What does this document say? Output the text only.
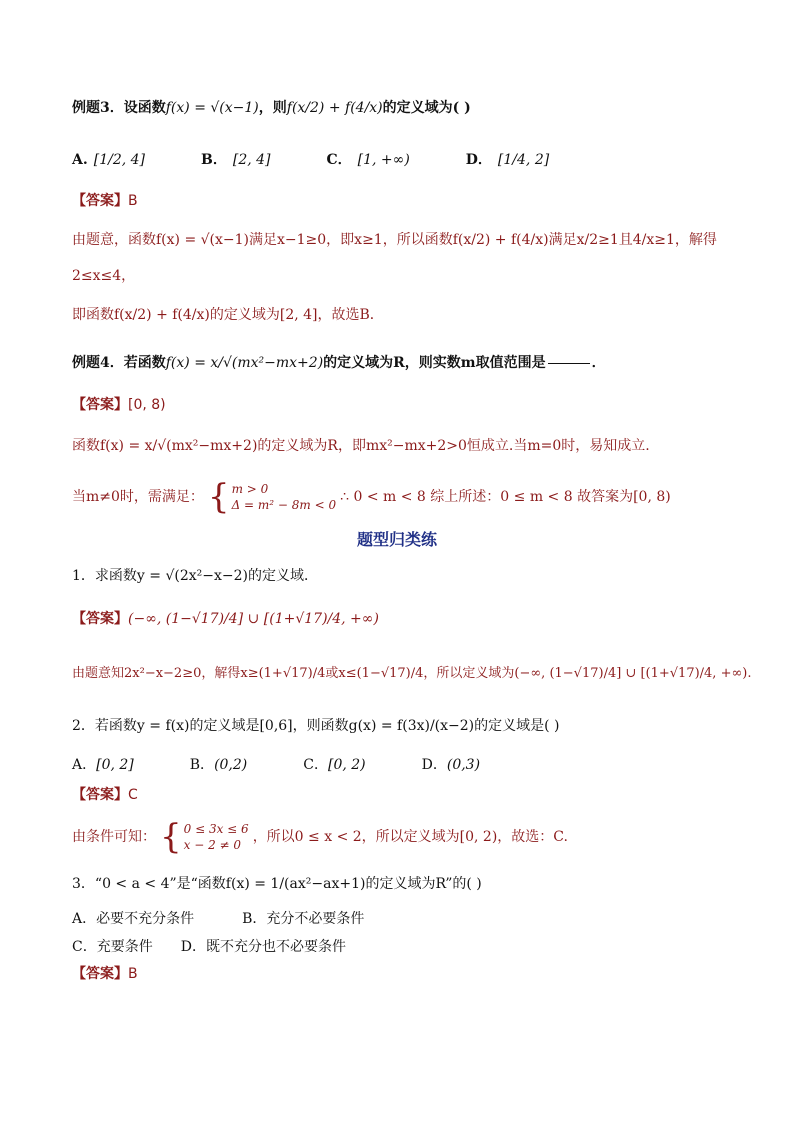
例题3． 设函数 f(x) = √(x−1) ，则 f(x/2) + f(4/x) 的定义域为( )
A. [1/2, 4]	B． [2, 4]	C． [1, +∞)	D． [1/4, 2]
【答案】 B
由题意，函数f(x) = √(x−1)满足x−1≥0，即x≥1，所以函数f(x/2) + f(4/x)满足x/2≥1且4/x≥1，解得
2≤x≤4，
即函数f(x/2) + f(4/x)的定义域为[2, 4]，故选B．
例题4． 若函数 f(x) = x/√(mx²−mx+2) 的定义域为R，则实数m取值范围是	．
【答案】 [0, 8)
函数f(x) = x/√(mx²−mx+2)的定义域为R，即mx²−mx+2>0恒成立.当m=0时，易知成立.
当m≠0时，需满足： { m > 0
Δ = m² − 8m < 0
∴ 0 < m < 8 综上所述：0 ≤ m < 8 故答案为[0, 8)
题型归类练
1．求函数y = √(2x²−x−2)的定义域．
【答案】 (−∞, (1−√17)/4] ∪ [(1+√17)/4, +∞)
由题意知2x²−x−2≥0，解得x≥(1+√17)/4或x≤(1−√17)/4，所以定义域为(−∞, (1−√17)/4] ∪ [(1+√17)/4, +∞).
2．若函数y = f(x)的定义域是[0,6]，则函数g(x) = f(3x)/(x−2)的定义域是( )
A． [0, 2]	B． (0,2)	C． [0, 2)	D． (0,3)
【答案】 C
由条件可知： { 0 ≤ 3x ≤ 6
x − 2 ≠ 0
，所以0 ≤ x < 2，所以定义域为[0, 2)，故选：C.
3．“0 < a < 4”是“函数f(x) = 1/(ax²−ax+1)的定义域为R”的( )
A． 必要不充分条件	B． 充分不必要条件
C． 充要条件 D． 既不充分也不必要条件
【答案】 B
